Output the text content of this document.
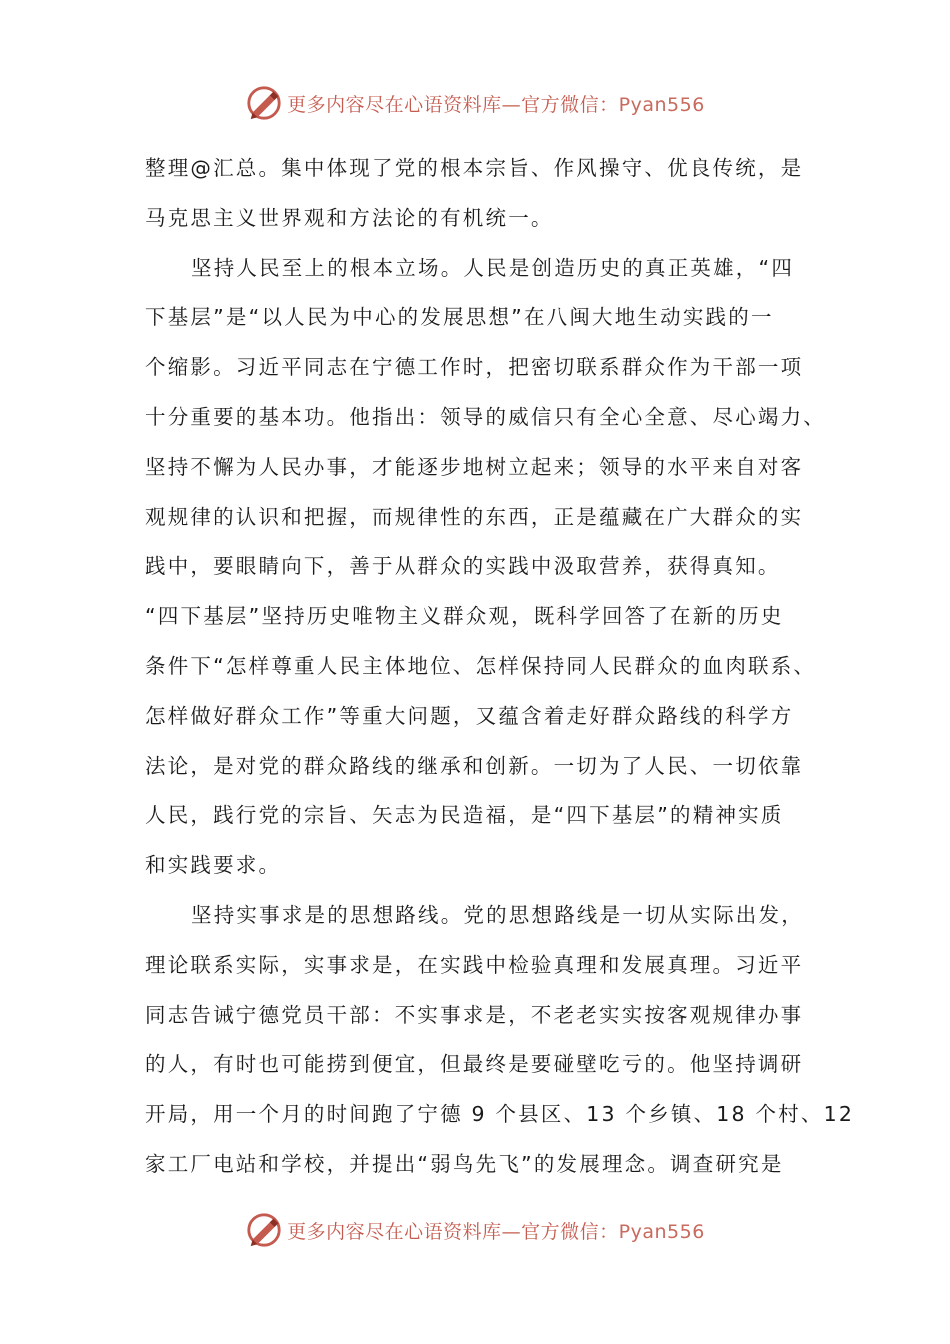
更多内容尽在心语资料库—官方微信：Pyan556
整理@汇总。集中体现了党的根本宗旨、作风操守、优良传统，是
马克思主义世界观和方法论的有机统一。
坚持人民至上的根本立场。人民是创造历史的真正英雄，“四
下基层”是“以人民为中心的发展思想”在八闽大地生动实践的一
个缩影。习近平同志在宁德工作时，把密切联系群众作为干部一项
十分重要的基本功。他指出：领导的威信只有全心全意、尽心竭力、
坚持不懈为人民办事，才能逐步地树立起来；领导的水平来自对客
观规律的认识和把握，而规律性的东西，正是蕴藏在广大群众的实
践中，要眼睛向下，善于从群众的实践中汲取营养，获得真知。
“四下基层”坚持历史唯物主义群众观，既科学回答了在新的历史
条件下“怎样尊重人民主体地位、怎样保持同人民群众的血肉联系、
怎样做好群众工作”等重大问题，又蕴含着走好群众路线的科学方
法论，是对党的群众路线的继承和创新。一切为了人民、一切依靠
人民，践行党的宗旨、矢志为民造福，是“四下基层”的精神实质
和实践要求。
坚持实事求是的思想路线。党的思想路线是一切从实际出发，
理论联系实际，实事求是，在实践中检验真理和发展真理。习近平
同志告诫宁德党员干部：不实事求是，不老老实实按客观规律办事
的人，有时也可能捞到便宜，但最终是要碰壁吃亏的。他坚持调研
开局，用一个月的时间跑了宁德 9 个县区、13 个乡镇、18 个村、12
家工厂电站和学校，并提出“弱鸟先飞”的发展理念。调查研究是
更多内容尽在心语资料库—官方微信：Pyan556
